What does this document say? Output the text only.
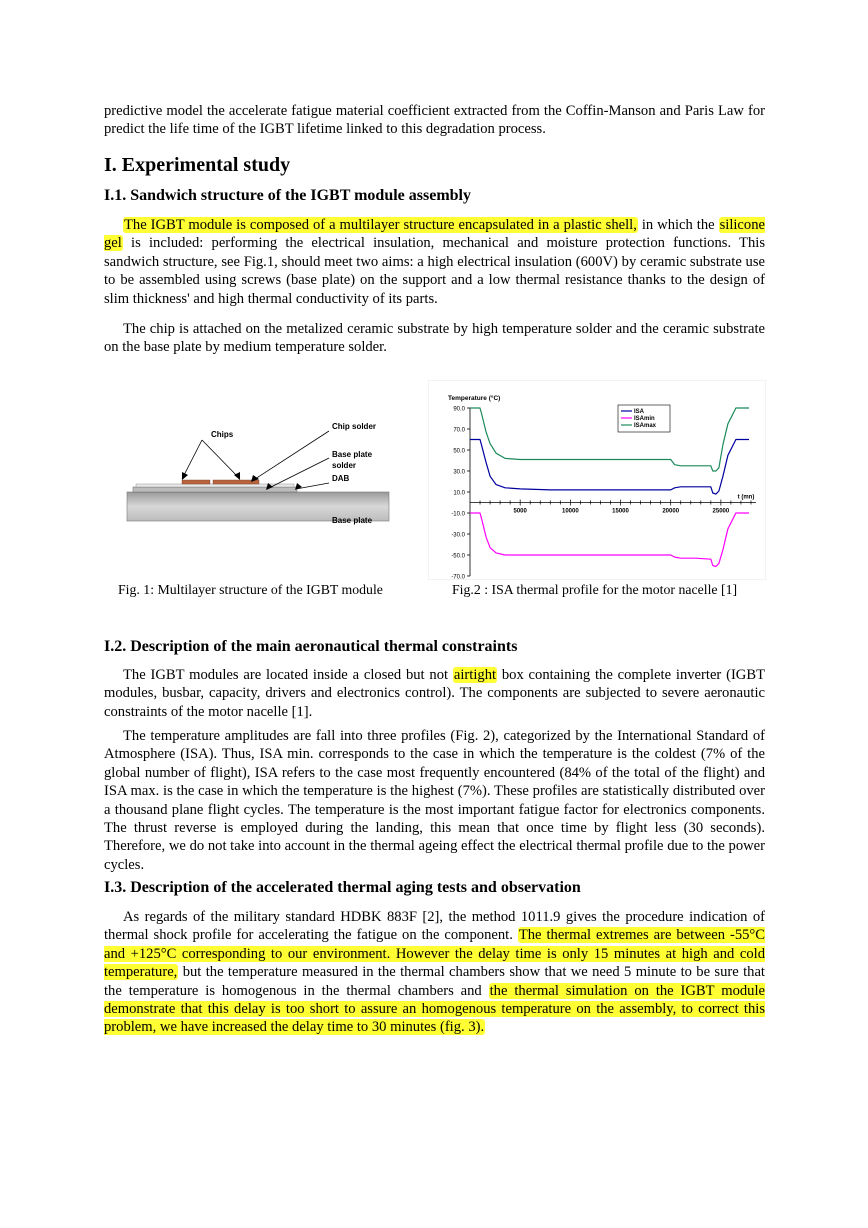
predictive model the accelerate fatigue material coefficient extracted from the Coffin-Manson and Paris Law for predict the life time of the IGBT lifetime linked to this degradation process.

I. Experimental study
I.1. Sandwich structure of the IGBT module assembly

The IGBT module is composed of a multilayer structure encapsulated in a plastic shell, in which the silicone gel is included: performing the electrical insulation, mechanical and moisture protection functions. This sandwich structure, see Fig.1, should meet two aims: a high electrical insulation (600V) by ceramic substrate use to be assembled using screws (base plate) on the support and a low thermal resistance thanks to the design of slim thickness' and high thermal conductivity of its parts.

The chip is attached on the metalized ceramic substrate by high temperature solder and the ceramic substrate on the base plate by medium temperature solder.

Chips
Chip solder
Base plate
solder
DAB
Base plate
90.0
70.0
50.0
30.0
10.0
-10.0
-30.0
-50.0
-70.0
5000	10000	15000	20000	25000
Temperature (°C)
t (mn)
ISA
ISAmin
ISAmax
Fig. 1: Multilayer structure of the IGBT module	Fig.2 : ISA thermal profile for the motor nacelle [1]
I.2. Description of the main aeronautical thermal constraints

The IGBT modules are located inside a closed but not airtight box containing the complete inverter (IGBT modules, busbar, capacity, drivers and electronics control). The components are subjected to severe aeronautic constraints of the motor nacelle [1].

The temperature amplitudes are fall into three profiles (Fig. 2), categorized by the International Standard of Atmosphere (ISA). Thus, ISA min. corresponds to the case in which the temperature is the coldest (7% of the global number of flight), ISA refers to the case most frequently encountered (84% of the total of the flight) and ISA max. is the case in which the temperature is the highest (7%). These profiles are statistically distributed over a thousand plane flight cycles. The temperature is the most important fatigue factor for electronics components. The thrust reverse is employed during the landing, this mean that once time by flight less (30 seconds). Therefore, we do not take into account in the thermal ageing effect the electrical thermal profile due to the power cycles.

I.3. Description of the accelerated thermal aging tests and observation

As regards of the military standard HDBK 883F [2], the method 1011.9 gives the procedure indication of thermal shock profile for accelerating the fatigue on the component. The thermal extremes are between -55°C and +125°C corresponding to our environment. However the delay time is only 15 minutes at high and cold temperature, but the temperature measured in the thermal chambers show that we need 5 minute to be sure that the temperature is homogenous in the thermal chambers and the thermal simulation on the IGBT module demonstrate that this delay is too short to assure an homogenous temperature on the assembly, to correct this problem, we have increased the delay time to 30 minutes (fig. 3).
